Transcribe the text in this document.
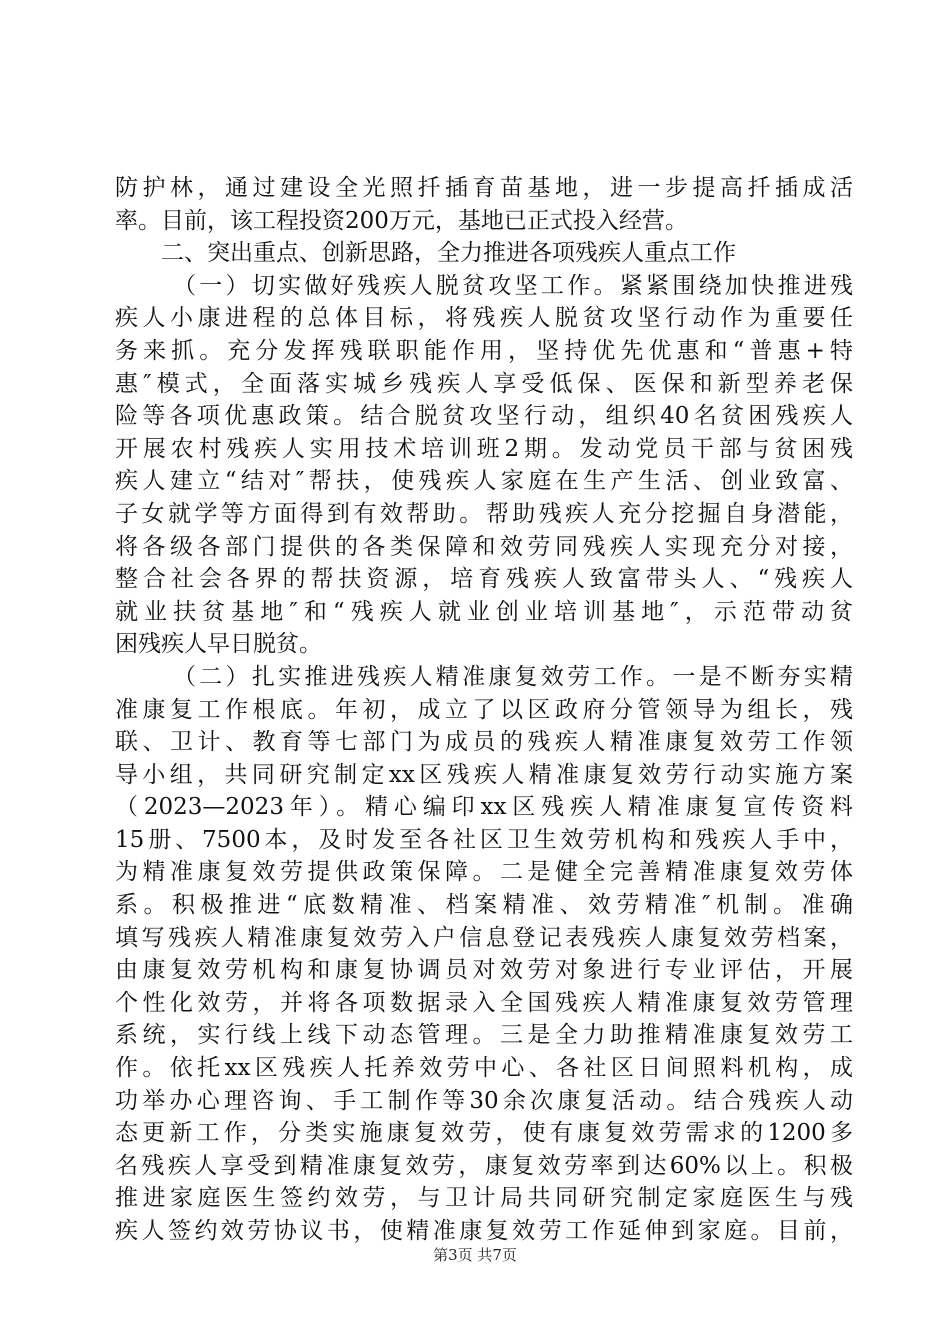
防护林，通过建设全光照扦插育苗基地，进一步提高扦插成活
率。目前，该工程投资200万元，基地已正式投入经营。
二、突出重点、创新思路，全力推进各项残疾人重点工作
（一）切实做好残疾人脱贫攻坚工作。紧紧围绕加快推进残
疾人小康进程的总体目标，将残疾人脱贫攻坚行动作为重要任
务来抓。充分发挥残联职能作用，坚持优先优惠和“普惠+特
惠″模式，全面落实城乡残疾人享受低保、医保和新型养老保
险等各项优惠政策。结合脱贫攻坚行动，组织40名贫困残疾人
开展农村残疾人实用技术培训班2期。发动党员干部与贫困残
疾人建立“结对″帮扶，使残疾人家庭在生产生活、创业致富、
子女就学等方面得到有效帮助。帮助残疾人充分挖掘自身潜能，
将各级各部门提供的各类保障和效劳同残疾人实现充分对接，
整合社会各界的帮扶资源，培育残疾人致富带头人、“残疾人
就业扶贫基地″和“残疾人就业创业培训基地″，示范带动贫
困残疾人早日脱贫。
（二）扎实推进残疾人精准康复效劳工作。一是不断夯实精
准康复工作根底。年初，成立了以区政府分管领导为组长，残
联、卫计、教育等七部门为成员的残疾人精准康复效劳工作领
导小组，共同研究制定xx区残疾人精准康复效劳行动实施方案
（2023—2023年）。精心编印xx区残疾人精准康复宣传资料
15册、7500本，及时发至各社区卫生效劳机构和残疾人手中，
为精准康复效劳提供政策保障。二是健全完善精准康复效劳体
系。积极推进“底数精准、档案精准、效劳精准″机制。准确
填写残疾人精准康复效劳入户信息登记表残疾人康复效劳档案，
由康复效劳机构和康复协调员对效劳对象进行专业评估，开展
个性化效劳，并将各项数据录入全国残疾人精准康复效劳管理
系统，实行线上线下动态管理。三是全力助推精准康复效劳工
作。依托xx区残疾人托养效劳中心、各社区日间照料机构，成
功举办心理咨询、手工制作等30余次康复活动。结合残疾人动
态更新工作，分类实施康复效劳，使有康复效劳需求的1200多
名残疾人享受到精准康复效劳，康复效劳率到达60%以上。积极
推进家庭医生签约效劳，与卫计局共同研究制定家庭医生与残
疾人签约效劳协议书，使精准康复效劳工作延伸到家庭。目前，
第3页 共7页
